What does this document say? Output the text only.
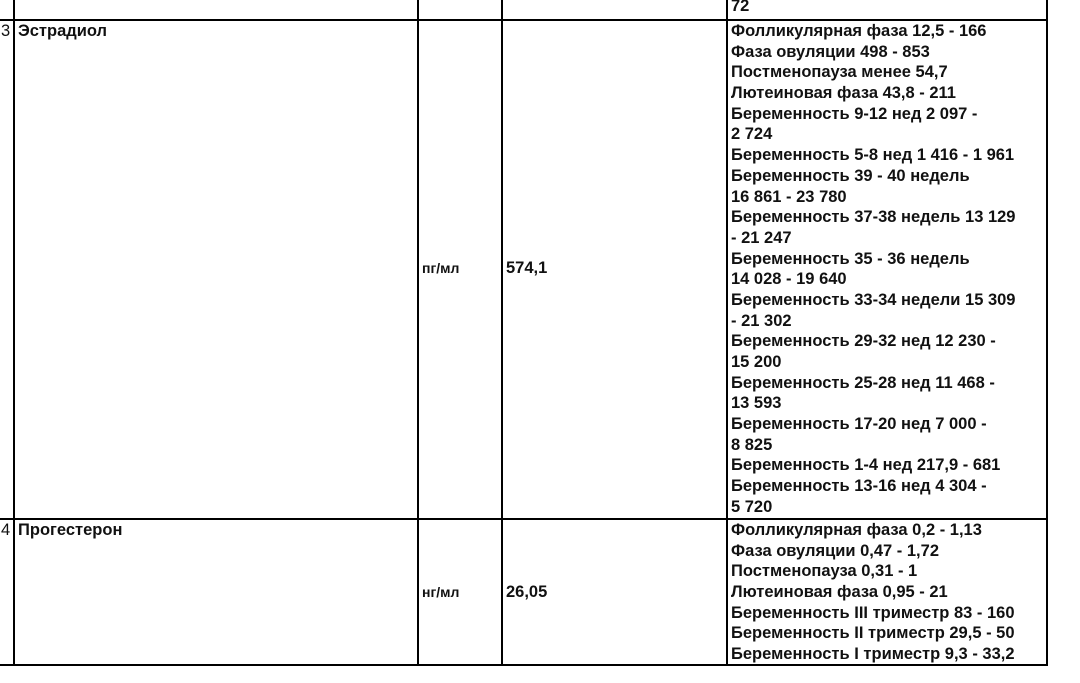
72
3 Эстрадиол
пг/мл	574,1
Фолликулярная фаза 12,5 - 166
Фаза овуляции 498 - 853
Постменопауза менее 54,7
Лютеиновая фаза 43,8 - 211
Беременность 9-12 нед 2 097 -
2 724
Беременность 5-8 нед 1 416 - 1 961
Беременность 39 - 40 недель
16 861 - 23 780
Беременность 37-38 недель 13 129
- 21 247
Беременность 35 - 36 недель
14 028 - 19 640
Беременность 33-34 недели 15 309
- 21 302
Беременность 29-32 нед 12 230 -
15 200
Беременность 25-28 нед 11 468 -
13 593
Беременность 17-20 нед 7 000 -
8 825
Беременность 1-4 нед 217,9 - 681
Беременность 13-16 нед 4 304 -
5 720
4 Прогестерон
нг/мл	26,05
Фолликулярная фаза 0,2 - 1,13
Фаза овуляции 0,47 - 1,72
Постменопауза 0,31 - 1
Лютеиновая фаза 0,95 - 21
Беременность III триместр 83 - 160
Беременность II триместр 29,5 - 50
Беременность I триместр 9,3 - 33,2
